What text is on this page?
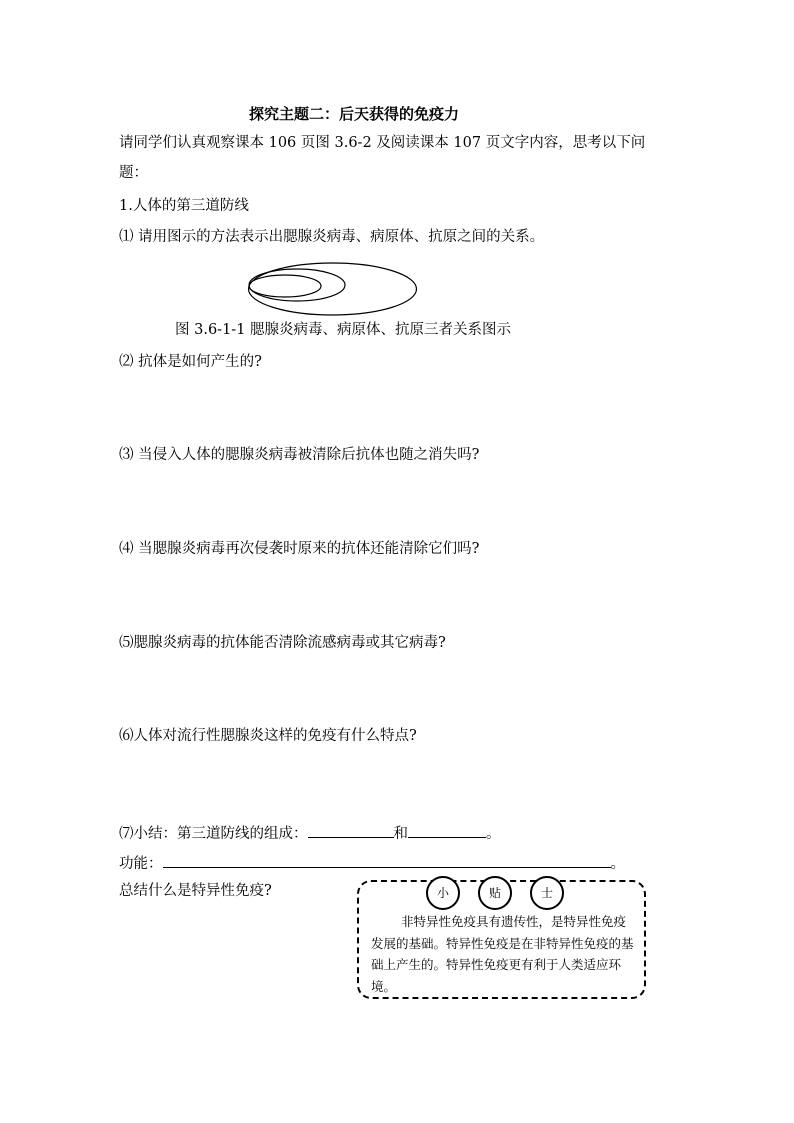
探究主题二：后天获得的免疫力
请同学们认真观察课本 106 页图 3.6-2 及阅读课本 107 页文字内容，思考以下问
题：
1.人体的第三道防线
⑴ 请用图示的方法表示出腮腺炎病毒、病原体、抗原之间的关系。
图 3.6-1-1 腮腺炎病毒、病原体、抗原三者关系图示
⑵ 抗体是如何产生的?
⑶ 当侵入人体的腮腺炎病毒被清除后抗体也随之消失吗?
⑷ 当腮腺炎病毒再次侵袭时原来的抗体还能清除它们吗?
⑸腮腺炎病毒的抗体能否清除流感病毒或其它病毒?
⑹人体对流行性腮腺炎这样的免疫有什么特点?
⑺小结：第三道防线的组成：	和	。
功能：	。
总结什么是特异性免疫?	小	贴	士
非特异性免疫具有遗传性，是特异性免疫发展的基础。特异性免疫是在非特异性免疫的基础上产生的。特异性免疫更有利于人类适应环境。
